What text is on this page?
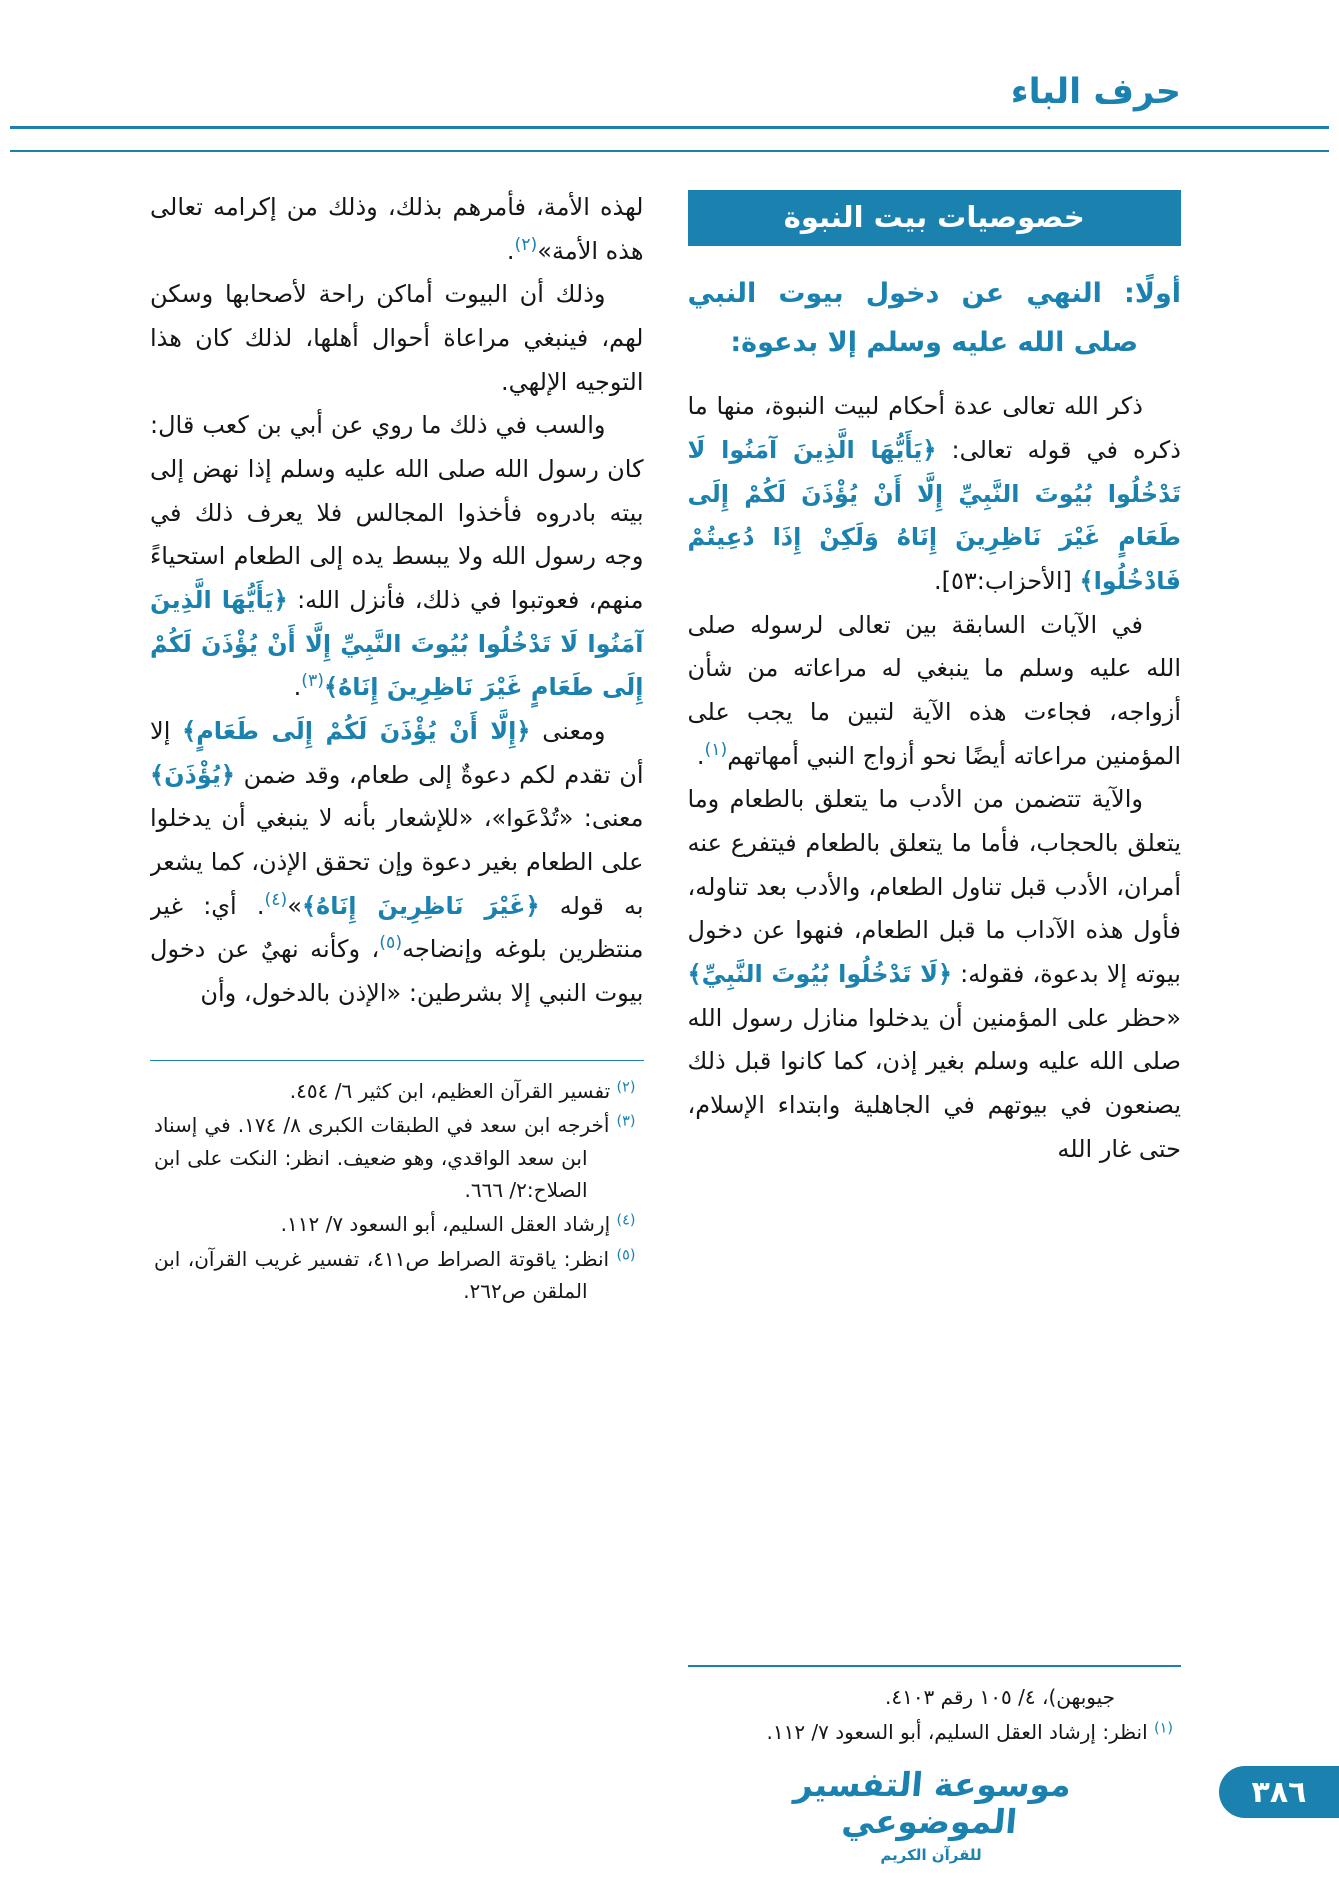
حرف الباء
خصوصيات بيت النبوة
أولًا: النهي عن دخول بيوت النبي صلى الله عليه وسلم إلا بدعوة:

ذكر الله تعالى عدة أحكام لبيت النبوة، منها ما ذكره في قوله تعالى: ﴿يَأَيُّهَا الَّذِينَ آمَنُوا لَا تَدْخُلُوا بُيُوتَ النَّبِيِّ إِلَّا أَنْ يُؤْذَنَ لَكُمْ إِلَى طَعَامٍ غَيْرَ نَاظِرِينَ إِنَاهُ وَلَكِنْ إِذَا دُعِيتُمْ فَادْخُلُوا﴾ [الأحزاب:٥٣].

في الآيات السابقة بين تعالى لرسوله صلى الله عليه وسلم ما ينبغي له مراعاته من شأن أزواجه، فجاءت هذه الآية لتبين ما يجب على المؤمنين مراعاته أيضًا نحو أزواج النبي أمهاتهم$^{(١)}$.

والآية تتضمن من الأدب ما يتعلق بالطعام وما يتعلق بالحجاب، فأما ما يتعلق بالطعام فيتفرع عنه أمران، الأدب قبل تناول الطعام، والأدب بعد تناوله، فأول هذه الآداب ما قبل الطعام، فنهوا عن دخول بيوته إلا بدعوة، فقوله: ﴿لَا تَدْخُلُوا بُيُوتَ النَّبِيِّ﴾ «حظر على المؤمنين أن يدخلوا منازل رسول الله صلى الله عليه وسلم بغير إذن، كما كانوا قبل ذلك يصنعون في بيوتهم في الجاهلية وابتداء الإسلام، حتى غار الله

جيوبهن)، ٤/ ١٠٥ رقم ٤١٠٣.

$^{(١)}$ انظر: إرشاد العقل السليم، أبو السعود ٧/ ١١٢.

لهذه الأمة، فأمرهم بذلك، وذلك من إكرامه تعالى هذه الأمة»$^{(٢)}$.

وذلك أن البيوت أماكن راحة لأصحابها وسكن لهم، فينبغي مراعاة أحوال أهلها، لذلك كان هذا التوجيه الإلهي.

والسب في ذلك ما روي عن أبي بن كعب قال: كان رسول الله صلى الله عليه وسلم إذا نهض إلى بيته بادروه فأخذوا المجالس فلا يعرف ذلك في وجه رسول الله ولا يبسط يده إلى الطعام استحياءً منهم، فعوتبوا في ذلك، فأنزل الله: ﴿يَأَيُّهَا الَّذِينَ آمَنُوا لَا تَدْخُلُوا بُيُوتَ النَّبِيِّ إِلَّا أَنْ يُؤْذَنَ لَكُمْ إِلَى طَعَامٍ غَيْرَ نَاظِرِينَ إِنَاهُ﴾$^{(٣)}$.

ومعنى ﴿إِلَّا أَنْ يُؤْذَنَ لَكُمْ إِلَى طَعَامٍ﴾ إلا أن تقدم لكم دعوةٌ إلى طعام، وقد ضمن ﴿يُؤْذَنَ﴾ معنى: «تُدْعَوا»، «للإشعار بأنه لا ينبغي أن يدخلوا على الطعام بغير دعوة وإن تحقق الإذن، كما يشعر به قوله ﴿غَيْرَ نَاظِرِينَ إِنَاهُ﴾»$^{(٤)}$. أي: غير منتظرين بلوغه وإنضاجه$^{(٥)}$، وكأنه نهيٌ عن دخول بيوت النبي إلا بشرطين: «الإذن بالدخول، وأن

$^{(٢)}$ تفسير القرآن العظيم، ابن كثير ٦/ ٤٥٤.

$^{(٣)}$ أخرجه ابن سعد في الطبقات الكبرى ٨/ ١٧٤. في إسناد ابن سعد الواقدي، وهو ضعيف. انظر: النكت على ابن الصلاح:٢/ ٦٦٦.

$^{(٤)}$ إرشاد العقل السليم، أبو السعود ٧/ ١١٢.

$^{(٥)}$ انظر: ياقوتة الصراط ص٤١١، تفسير غريب القرآن، ابن الملقن ص٢٦٢.

موسوعة التفسير الموضوعي
للقرآن الكريم
٣٨٦
